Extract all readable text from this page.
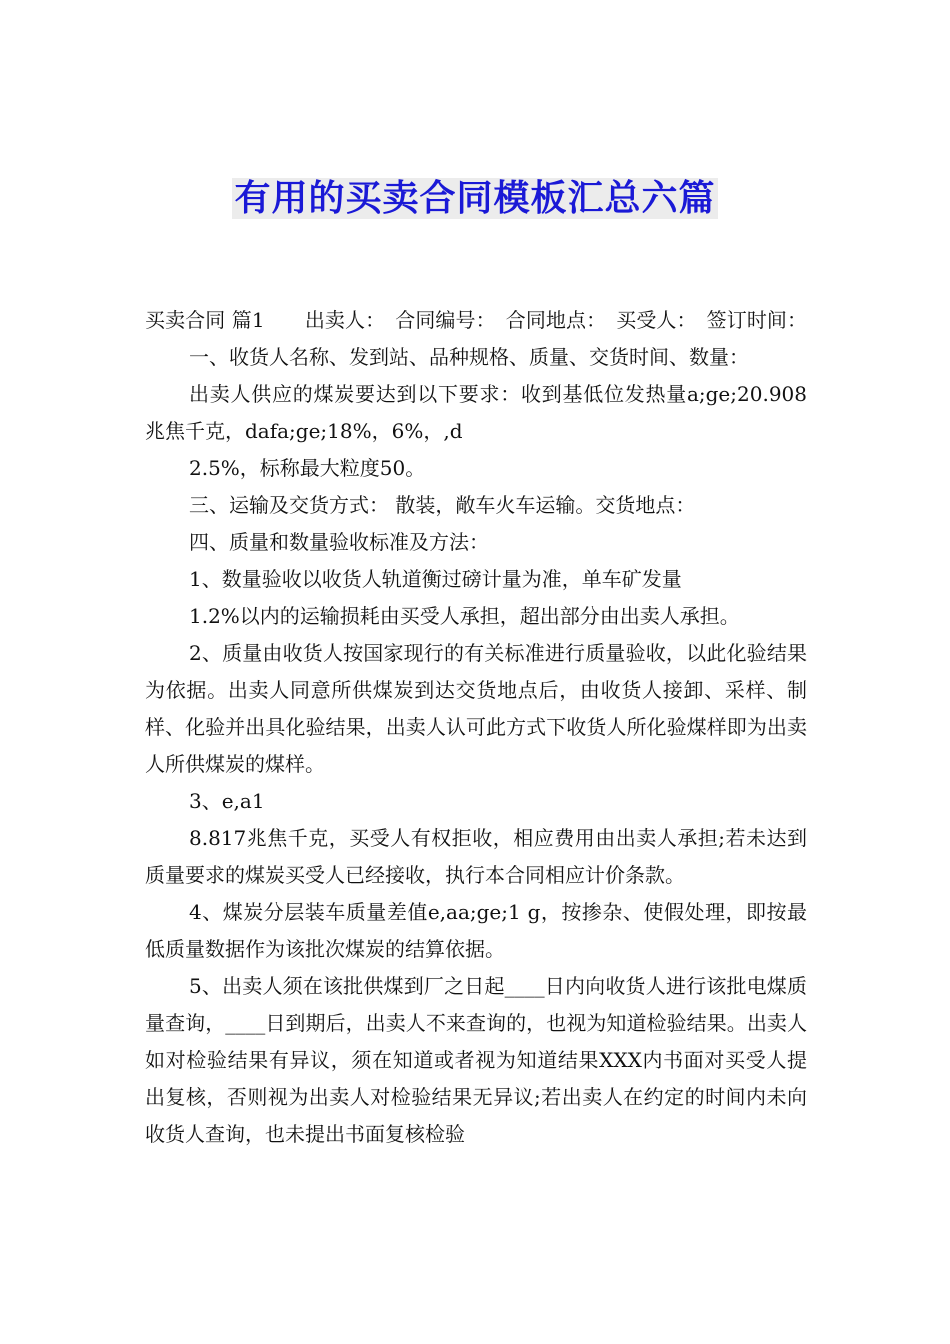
有用的买卖合同模板汇总六篇

买卖合同 篇1　　出卖人：　合同编号：　合同地点：　买受人：　签订时间：

一、收货人名称、发到站、品种规格、质量、交货时间、数量：

出卖人供应的煤炭要达到以下要求：收到基低位发热量a;ge;20.908兆焦千克，dafa;ge;18%，6%，,d

2.5%，标称最大粒度50。

三、运输及交货方式： 散装，敞车火车运输。交货地点：

四、质量和数量验收标准及方法：

1、数量验收以收货人轨道衡过磅计量为准，单车矿发量

1.2%以内的运输损耗由买受人承担，超出部分由出卖人承担。

2、质量由收货人按国家现行的有关标准进行质量验收，以此化验结果为依据。出卖人同意所供煤炭到达交货地点后，由收货人接卸、采样、制样、化验并出具化验结果，出卖人认可此方式下收货人所化验煤样即为出卖人所供煤炭的煤样。

3、e,a1

8.817兆焦千克，买受人有权拒收，相应费用由出卖人承担;若未达到质量要求的煤炭买受人已经接收，执行本合同相应计价条款。

4、煤炭分层装车质量差值e,aa;ge;1 g，按掺杂、使假处理，即按最低质量数据作为该批次煤炭的结算依据。

5、出卖人须在该批供煤到厂之日起____日内向收货人进行该批电煤质量查询，____日到期后，出卖人不来查询的，也视为知道检验结果。出卖人如对检验结果有异议，须在知道或者视为知道结果XXX内书面对买受人提出复核，否则视为出卖人对检验结果无异议;若出卖人在约定的时间内未向收货人查询，也未提出书面复核检验
